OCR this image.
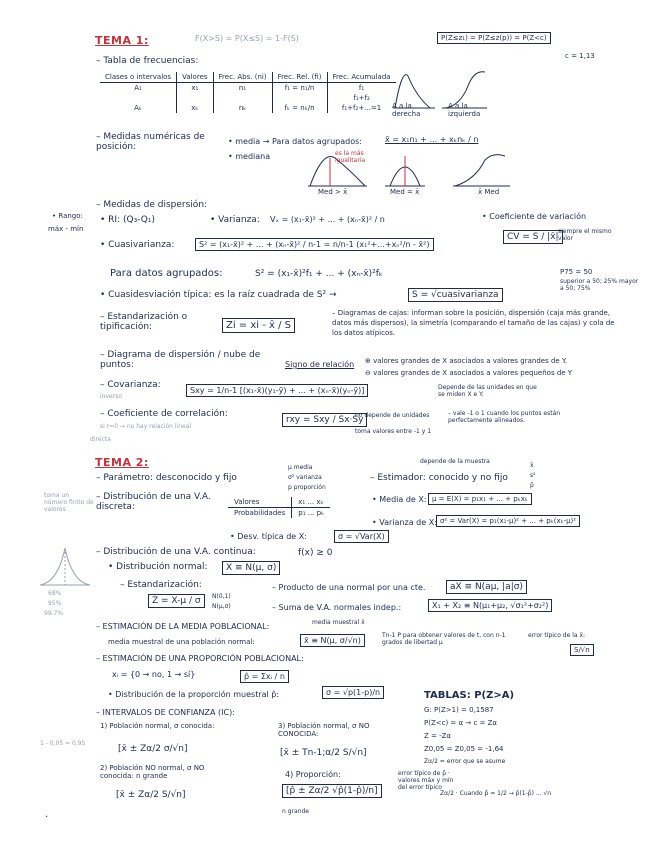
F(X>S) = P(X≤S) = 1-F(S)	P(Z≤z₁) = P(Z≤z(p)) = P(Z<c)
c = 1,13
TEMA 1:
– Tabla de frecuencias:
Clases o intervalos	Valores	Frec. Abs. (ni)	Frec. Rel. (fi)	Frec. Acumulada
A₁	x₁	n₁	f₁ = n₁/n	f₁
				f₁+f₂
Aₖ	xₖ	nₖ	fₖ = nₖ/n	f₁+f₂+...=1 A a la derecha
A a la izquierda
– Medidas numéricas de posición:
• media → Para datos agrupados:	x̄ = x₁n₁ + ... + xₖnₖ / n
• mediana	es la más igualitaria
Med > x̄	Med = x̄	x̄ Med
– Medidas de dispersión:
• Rango:
máx - mín
• RI: (Q₃-Q₁)	• Varianza: Vₓ = (x₁-x̄)² + ... + (xₙ-x̄)² / n	• Coeficiente de variación
CV = S / |x̄|
siempre el mismo valor
• Cuasivarianza:	S² = (x₁-x̄)² + ... + (xₙ-x̄)² / n-1 = n/n-1 (x₁²+...+xₙ²/n - x̄²)
Para datos agrupados:	S² = (x₁-x̄)²f₁ + ... + (xₙ-x̄)²fₖ	P75 = 50
superior a 50; 25% mayor a 50; 75%
• Cuasidesviación típica: es la raíz cuadrada de S² →	S = √cuasivarianza
– Estandarización o tipificación:	Zi = xi - x̄ / S
– Diagramas de cajas: informan sobre la posición, dispersión (caja más grande, datos más dispersos), la simetría (comparando el tamaño de las cajas) y cola de los datos atípicos.
– Diagrama de dispersión / nube de puntos:	Signo de relación ⊕ valores grandes de X asociados a valores grandes de Y.
⊖ valores grandes de X asociados a valores pequeños de Y
– Covarianza:
Sxy = 1/n-1 [(x₁-x̄)(y₁-ȳ) + ... + (xₙ-x̄)(yₙ-ȳ)]	Depende de las unidades en que se miden X e Y.
inverso
– Coeficiente de correlación:
rxy = Sxy / Sx·Sy
no depende de unidades
toma valores entre -1 y 1
– vale -1 o 1 cuando los puntos están perfectamente alineados.
si r=0 → no hay relación lineal
directa
TEMA 2:
– Parámetro: desconocido y fijo
μ media
σ² varianza
p proporción
– Estimador: conocido y no fijo
x̄
s²
p̂
depende de la muestra
toma un número finito de valores
– Distribución de una V.A. discreta:	Valores	x₁ ... xₖ
Probabilidades	p₁ ... pₖ
• Media de X: μ = E(X) = p₁x₁ + ... + pₖxₖ
• Varianza de X: σ² = Var(X) = p₁(x₁-μ)² + ... + pₖ(xₖ-μ)²
• Desv. típica de X:	σ = √Var(X)
68%
95%
99.7%
– Distribución de una V.A. continua:	f(x) ≥ 0
• Distribución normal:	X ≡ N(μ, σ)
– Estandarización:
Z = X-μ / σ	N(0,1)
N(μ,σ)
– Producto de una normal por una cte.	aX ≡ N(aμ, |a|σ)
– Suma de V.A. normales indep.:	X₁ + X₂ ≡ N(μ₁+μ₂, √σ₁²+σ₂²)
– ESTIMACIÓN DE LA MEDIA POBLACIONAL:	media muestral x̄
media muestral de una población normal:	x̄ ≡ N(μ, σ/√n)
Tn-1 P para obtener valores de t, con n-1 grados de libertad μ
error típico de la x̄:
S/√n
– ESTIMACIÓN DE UNA PROPORCIÓN POBLACIONAL:
xᵢ = {0 → no, 1 → sí}	p̂ = Σxᵢ / n
• Distribución de la proporción muestral p̂:	σ = √p(1-p)/n
– INTERVALOS DE CONFIANZA (IC):
1) Población normal, σ conocida:
[x̄ ± Zα/2 σ/√n]
2) Población NO normal, σ NO conocida: n grande
[x̄ ± Zα/2 S/√n]
3) Población normal, σ NO CONOCIDA:
[x̄ ± Tn-1;α/2 S/√n]
4) Proporción:
[p̂ ± Zα/2 √p̂(1-p̂)/n]
n grande
error típico de p̂ · valores máx y mín del error típico
1 - 0,05 = 0,95
TABLAS: P(Z>A)
G: P(Z>1) = 0,1587
P(Z<c) = α → c = Zα
Z = -Zα
Z0,05 = Z0,05 = -1,64
Zα/2 = error que se asume
Zα/2 · Cuando p̂ = 1/2 → p̂(1-p̂) ... √n
·
